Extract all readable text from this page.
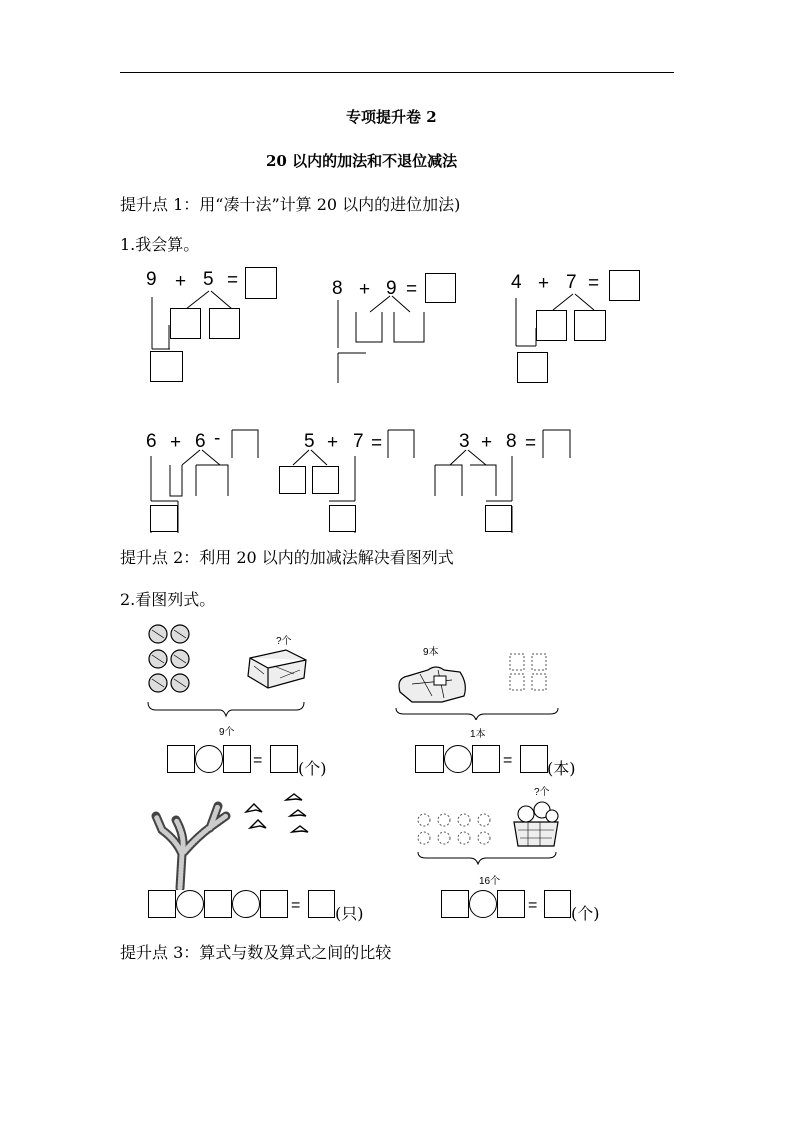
专项提升卷 2
20 以内的加法和不退位减法
提升点 1：用“凑十法”计算 20 以内的进位加法)
1.我会算。
9 + 5 =	8 + 9 =	4 + 7 =
6 + 6 -	5 + 7 =	3 + 8 =
提升点 2：利用 20 以内的加减法解决看图列式
2.看图列式。
?个
9个
= (个)
9本
1本
= (本)
= (只)
?个
16个
= (个)
提升点 3：算式与数及算式之间的比较
